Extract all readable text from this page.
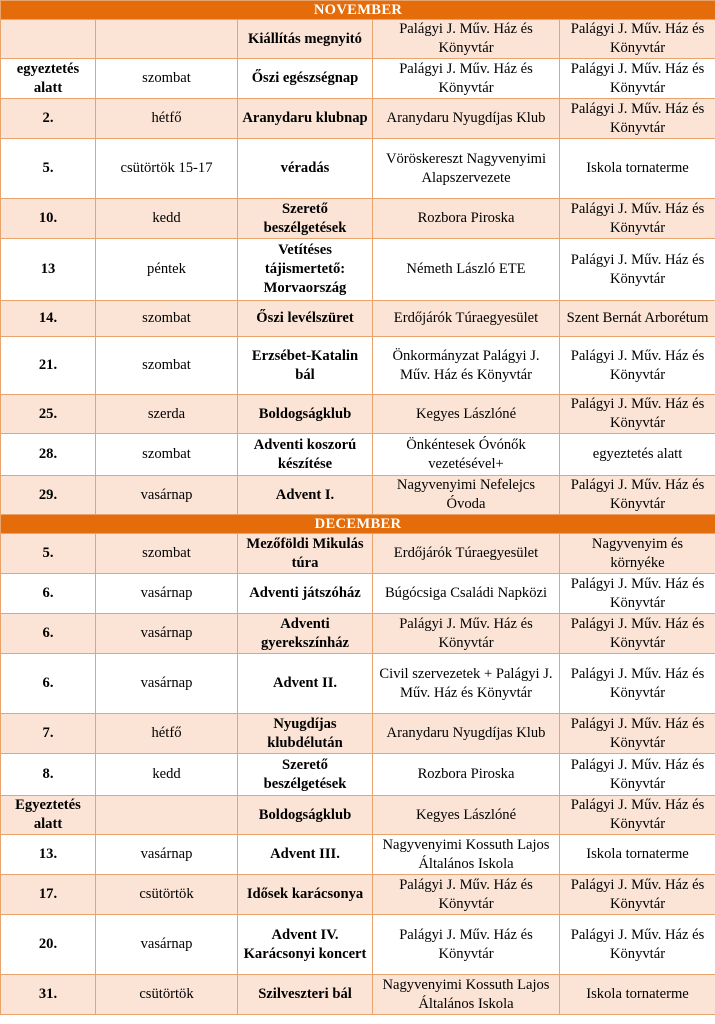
NOVEMBER				
		Kiállítás megnyitó	Palágyi J. Műv. Ház és Könyvtár	Palágyi J. Műv. Ház és Könyvtár
egyeztetés alatt	szombat	Őszi egészségnap	Palágyi J. Műv. Ház és Könyvtár	Palágyi J. Műv. Ház és Könyvtár
2.	hétfő	Aranydaru klubnap	Aranydaru Nyugdíjas Klub	Palágyi J. Műv. Ház és Könyvtár
5.	csütörtök 15-17	véradás	Vöröskereszt Nagyvenyimi Alapszervezete	Iskola tornaterme
10.	kedd	Szerető beszélgetések	Rozbora Piroska	Palágyi J. Műv. Ház és Könyvtár
13	péntek	Vetítéses tájismertető: Morvaország	Németh László ETE	Palágyi J. Műv. Ház és Könyvtár
14.	szombat	Őszi levélszüret	Erdőjárók Túraegyesület	Szent Bernát Arborétum
21.	szombat	Erzsébet-Katalin bál	Önkormányzat Palágyi J. Műv. Ház és Könyvtár	Palágyi J. Műv. Ház és Könyvtár
25.	szerda	Boldogságklub	Kegyes Lászlóné	Palágyi J. Műv. Ház és Könyvtár
28.	szombat	Adventi koszorú készítése	Önkéntesek Óvónők vezetésével+	egyeztetés alatt
29.	vasárnap	Advent I.	Nagyvenyimi Nefelejcs Óvoda	Palágyi J. Műv. Ház és Könyvtár
DECEMBER				
5.	szombat	Mezőföldi Mikulás túra	Erdőjárók Túraegyesület	Nagyvenyim és környéke
6.	vasárnap	Adventi játszóház	Búgócsiga Családi Napközi	Palágyi J. Műv. Ház és Könyvtár
6.	vasárnap	Adventi gyerekszínház	Palágyi J. Műv. Ház és Könyvtár	Palágyi J. Műv. Ház és Könyvtár
6.	vasárnap	Advent II.	Civil szervezetek + Palágyi J. Műv. Ház és Könyvtár	Palágyi J. Műv. Ház és Könyvtár
7.	hétfő	Nyugdíjas klubdélután	Aranydaru Nyugdíjas Klub	Palágyi J. Műv. Ház és Könyvtár
8.	kedd	Szerető beszélgetések	Rozbora Piroska	Palágyi J. Műv. Ház és Könyvtár
Egyeztetés alatt		Boldogságklub	Kegyes Lászlóné	Palágyi J. Műv. Ház és Könyvtár
13.	vasárnap	Advent III.	Nagyvenyimi Kossuth Lajos Általános Iskola	Iskola tornaterme
17.	csütörtök	Idősek karácsonya	Palágyi J. Műv. Ház és Könyvtár	Palágyi J. Műv. Ház és Könyvtár
20.	vasárnap	Advent IV. Karácsonyi koncert	Palágyi J. Műv. Ház és Könyvtár	Palágyi J. Műv. Ház és Könyvtár
31.	csütörtök	Szilveszteri bál	Nagyvenyimi Kossuth Lajos Általános Iskola	Iskola tornaterme
